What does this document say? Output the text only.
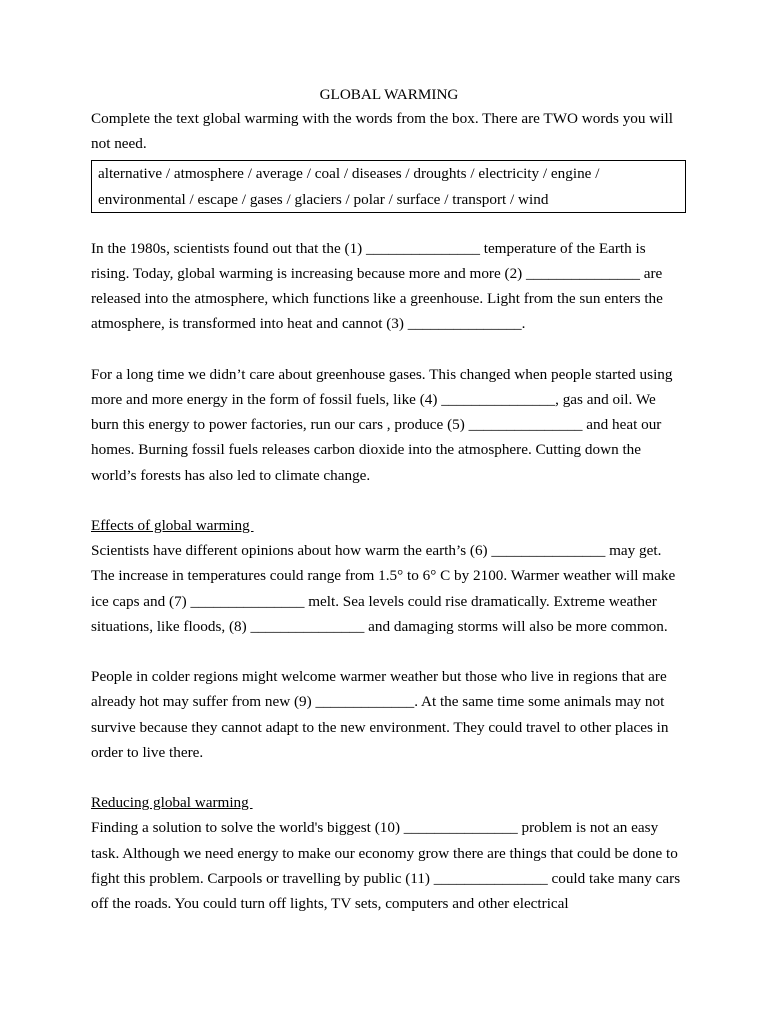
GLOBAL WARMING

Complete the text global warming with the words from the box. There are TWO words you will not need.

alternative / atmosphere / average / coal / diseases / droughts / electricity / engine /
environmental / escape / gases / glaciers / polar / surface / transport / wind

In the 1980s, scientists found out that the (1) _______________ temperature of the Earth is rising. Today, global warming is increasing because more and more (2) _______________ are released into the atmosphere, which functions like a greenhouse. Light from the sun enters the atmosphere, is transformed into heat and cannot (3) _______________.

For a long time we didn’t care about greenhouse gases. This changed when people started using more and more energy in the form of fossil fuels, like (4) _______________, gas and oil. We burn this energy to power factories, run our cars , produce (5) _______________ and heat our homes. Burning fossil fuels releases carbon dioxide into the atmosphere. Cutting down the world’s forests has also led to climate change.

Effects of global warming

Scientists have different opinions about how warm the earth’s (6) _______________ may get. The increase in temperatures could range from 1.5° to 6° C by 2100. Warmer weather will make ice caps and (7) _______________ melt. Sea levels could rise dramatically. Extreme weather situations, like floods, (8) _______________ and damaging storms will also be more common.

People in colder regions might welcome warmer weather but those who live in regions that are already hot may suffer from new (9) _____________. At the same time some animals may not survive because they cannot adapt to the new environment. They could travel to other places in order to live there.

Reducing global warming

Finding a solution to solve the world's biggest (10) _______________ problem is not an easy task. Although we need energy to make our economy grow there are things that could be done to fight this problem. Carpools or travelling by public (11) _______________ could take many cars off the roads. You could turn off lights, TV sets, computers and other electrical
